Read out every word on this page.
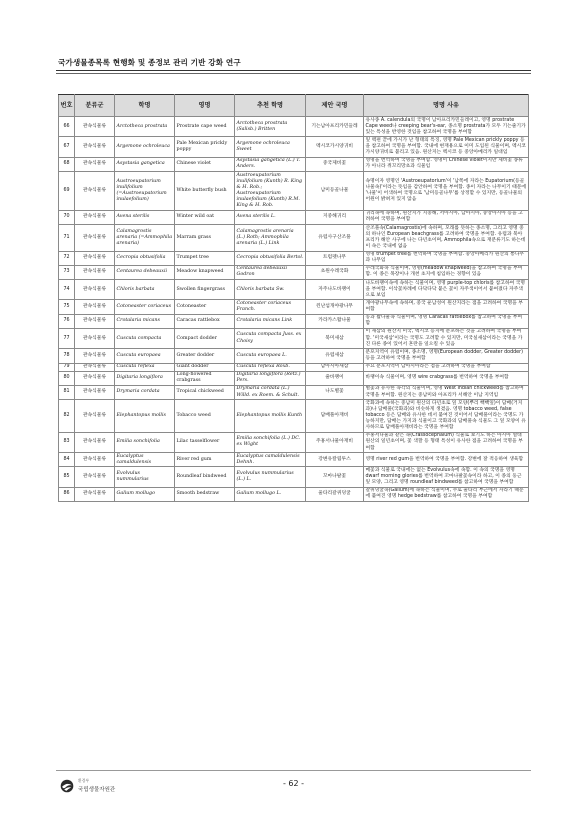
국가생물종목록 현행화 및 종정보 관리 기반 강화 연구
번호	분류군	학명	영명	추천 학명	제안 국명	명명 사유
66	관속식물류	Arctotheca prostrata	Prostrate cape weed	Arctotheca prostrata (Salisb.) Britten	기는남아프리카민들레	유사종 A. calendula의 국명이 남아프리카민들레이고, 영명 prostrate Cape weed나 creeping bear's-ear, 종소명 prostrata가 모두 기는줄기가 있는 특성을 반영한 것임을 참고하여 국명을 부여함
67	관속식물류	Argemone ochroleuca	Pale Mexican prickly poppy	Argemone ochroleuca Sweet	멕시코가시양귀비	잎 맥편 끝에 가시가 난 형태의 특징, 영명 Pale Mexican prickly poppy 등을 참고하여 국명을 부여함. 국내에 현재용으로 이미 도입된 식물이며, 멕시코가시양귀비로 불리고 있음. 원산지는 멕시코 등 중앙아메리카 일대임
68	관속식물류	Asystasia gangetica	Chinese violet	Asystasia gangetica (L.) T. Anders.	중국제비꽃	영명을 번역하여 국명을 부여함. 영명이 Chinese violet이지만 제비꽃 종류가 아니라 쥐꼬리망초과 식물임
69	관속식물류	Austroeupatorium inulifolium (=Austroeupatorium inulaefolium)	White butterfly bush	Austroeupatorium inulifolium (Kunth) R. King & H. Rob.; Austroeupatorium inulaefolium (Kunth) R.M. King & H. Rob.	남미등골나물	속명이자 영명인 'Austroeupatorium'이 '남쪽에 자라는 Eupatorium(등골나물속)'이라는 뜻임을 감안하여 국명을 부여함. 종이 자라는 나무이기 때문에 '나물'이 어색하여 국명으로 '남미등골나무'를 상정할 수 있지만, 등골나물의 어원이 밝혀져 있지 않음
70	관속식물류	Avena sterilis	Winter wild oat	Avena sterilis L.	지중해귀리	귀리속에 속하며, 원산지가 지중해, 서아시아, 남아시아, 중앙아시아 등을 고려하여 국명을 부여함
71	관속식물류	Calamagrostis arenaria (=Ammophila arenaria)	Marram grass	Calamagrostis arenaria (L.) Roth; Ammophila arenaria (L.) Link	유럽사구산조풀	산조풀속(Calamagrostis)에 속하며, 모래를 뜻하는 종소명, 그리고 영명 중의 하나인 European beachgrass를 고려하여 국명을 부여함. 유럽과 북아프리카 해안 사구에 나는 다년초이며, Ammophila속으로 재분류기도 하는데 이 속은 국내에 없음
72	관속식물류	Cecropia obtusifolia	Trumpet tree	Cecropia obtusifolia Bertol.	트럼펫나무	영명 trumpet tree를 번역하여 국명을 부여함. 중앙아메리카 원산의 뽕나무과 나무임
73	관속식물류	Centaurea debeauxii	Meadow knapweed	Centaurea debeauxii Godron	초원수레국화	수레국화속 식물이며, 영명(meadow knapweed)을 참고하여 국명을 부여함. 이 종은 목장이나 개천 초지에 침입하는 경향이 있음
74	관속식물류	Chloris barbata	Swollen fingergrass	Chloris barbata Sw.	자주나도바랭이	나도바랭이속에 속하는 식물이며, 영명 purple-top chloris를 참고하여 국명을 부여함. 이삭꽃차례에 다닥다닥 붙은 꽃이 자주색이어서 붙여졌다 자주색으로 보임
75	관속식물류	Cotoneaster coriaceus	Cotoneaster	Cotoneaster coriaceus Franch.	윈난섬개야광나무	개야광나무속에 속하며, 중국 운남성이 원산지라는 점을 고려하여 국명을 부여함
76	관속식물류	Crotalaria micans	Caracas rattlebox	Crotalaria micans Link	카라카스활나물	콩과 활나물속 식물이며, 영명 Caracas rattlebox를 참고하여 국명을 부여함
77	관속식물류	Cuscuta compacta	Compact dodder	Cuscuta compacta Juss. ex Choisy	북미새삼	이 새삼의 원산지 미국, 멕시코 등지에 분포하는 것을 고려하여 국명을 부여함. '미국새삼'이라는 국명도 고려할 수 있지만, 미국실새삼이라는 국명을 가진 다른 종이 있어서 혼란을 일으킬 수 있음
78	관속식물류	Cuscuta europaea	Greater dodder	Cuscuta europaea L.	유럽새삼	분포지역이 유럽이며, 종소명, 영명(European dodder, Greater dodder) 등을 고려하여 국명을 부여함
79	관속식물류	Cuscuta reflexa	Giant dodder	Cuscuta reflexa Roxb.	남아시아새삼	주요 분포지역이 남아시아라는 점을 고려하여 국명을 부여함
80	관속식물류	Digitaria longiflora	Long-flowered crabgrass	Digitaria longiflora (Retz.) Pers.	줄바랭이	바랭이속 식물이며, 영명 wire crabgrass를 번역하여 국명을 부여함
81	관속식물류	Drymaria cordata	Tropical chickweed	Drymaria cordata (L.) Willd. ex Roem. & Schult.	나도별꽃	별꽃과 유사한 속각의 식물이며, 영명 West Indian chickweed를 참고하여 국명을 부여함. 원산지는 중남미와 아프리카 서해안 이남 지역임
82	관속식물류	Elephantopus mollis	Tobacco weed	Elephantopus mollis Kunth	담배풀아재비	국화과에 속하는 중남미 원산의 다년초로 잎 모양(뿌리 빽빽잎)이 담배(거지과)나 담배풀(국화과)와 비슷하게 생겼음. 영명 tobacco weed, false tobacco 등은 담배와 유사한 데서 붙여진 것이어서 담배풀이라는 국명도 가능하지만, 담배는 가지과 식물이고 국화과의 담배풀속 식물도 그 잎 모양이 유사하므로 담배풀아재비라는 국명을 부여함
83	관속식물류	Emilia sonchifolia	Lilac tasselflower	Emilia sonchifolia (L.) DC. ex Wight	주홍서나물아재비	주홍서나물과 같은 속(Crassocephalum) 식물로 보기도 하는 아시아 열대 원산의 일년초이며, 꽃 색깔 등 형태 특성이 유사한 점을 고려하여 국명을 부여함
84	관속식물류	Eucalyptus camaldulensis	River red gum	Eucalyptus camaldulensis Dehnh.	강변유칼립투스	영명 river red gum을 번역하여 국명을 부여함. 강변에 잘 적응하여 생육함
85	관속식물류	Evolvulus nummularius	Roundleaf bindweed	Evolvulus nummularius (L.) L.	꼬마나팔꽃	메꽃과 식물로 국내에는 없는 Evolvulus속에 속함. 이 속의 국명을 영명 dwarf morning glories를 번역하여 꼬마나팔꽃속이라 하고, 이 종의 둥근 잎 모양, 그리고 영명 roundleaf bindweed를 참고하여 국명을 부여함
86	관속식물류	Galium mollugo	Smooth bedstraw	Galium mollugo L.	울타리갈퀴덩굴	갈퀴덩굴속(Galium)에 속하는 식물이며, 주로 울타리 부근에서 자라기 때문에 붙여진 영명 hedge bedstraw를 참고하여 국명을 부여함
환경부
국립생물자원관
- 62 -
